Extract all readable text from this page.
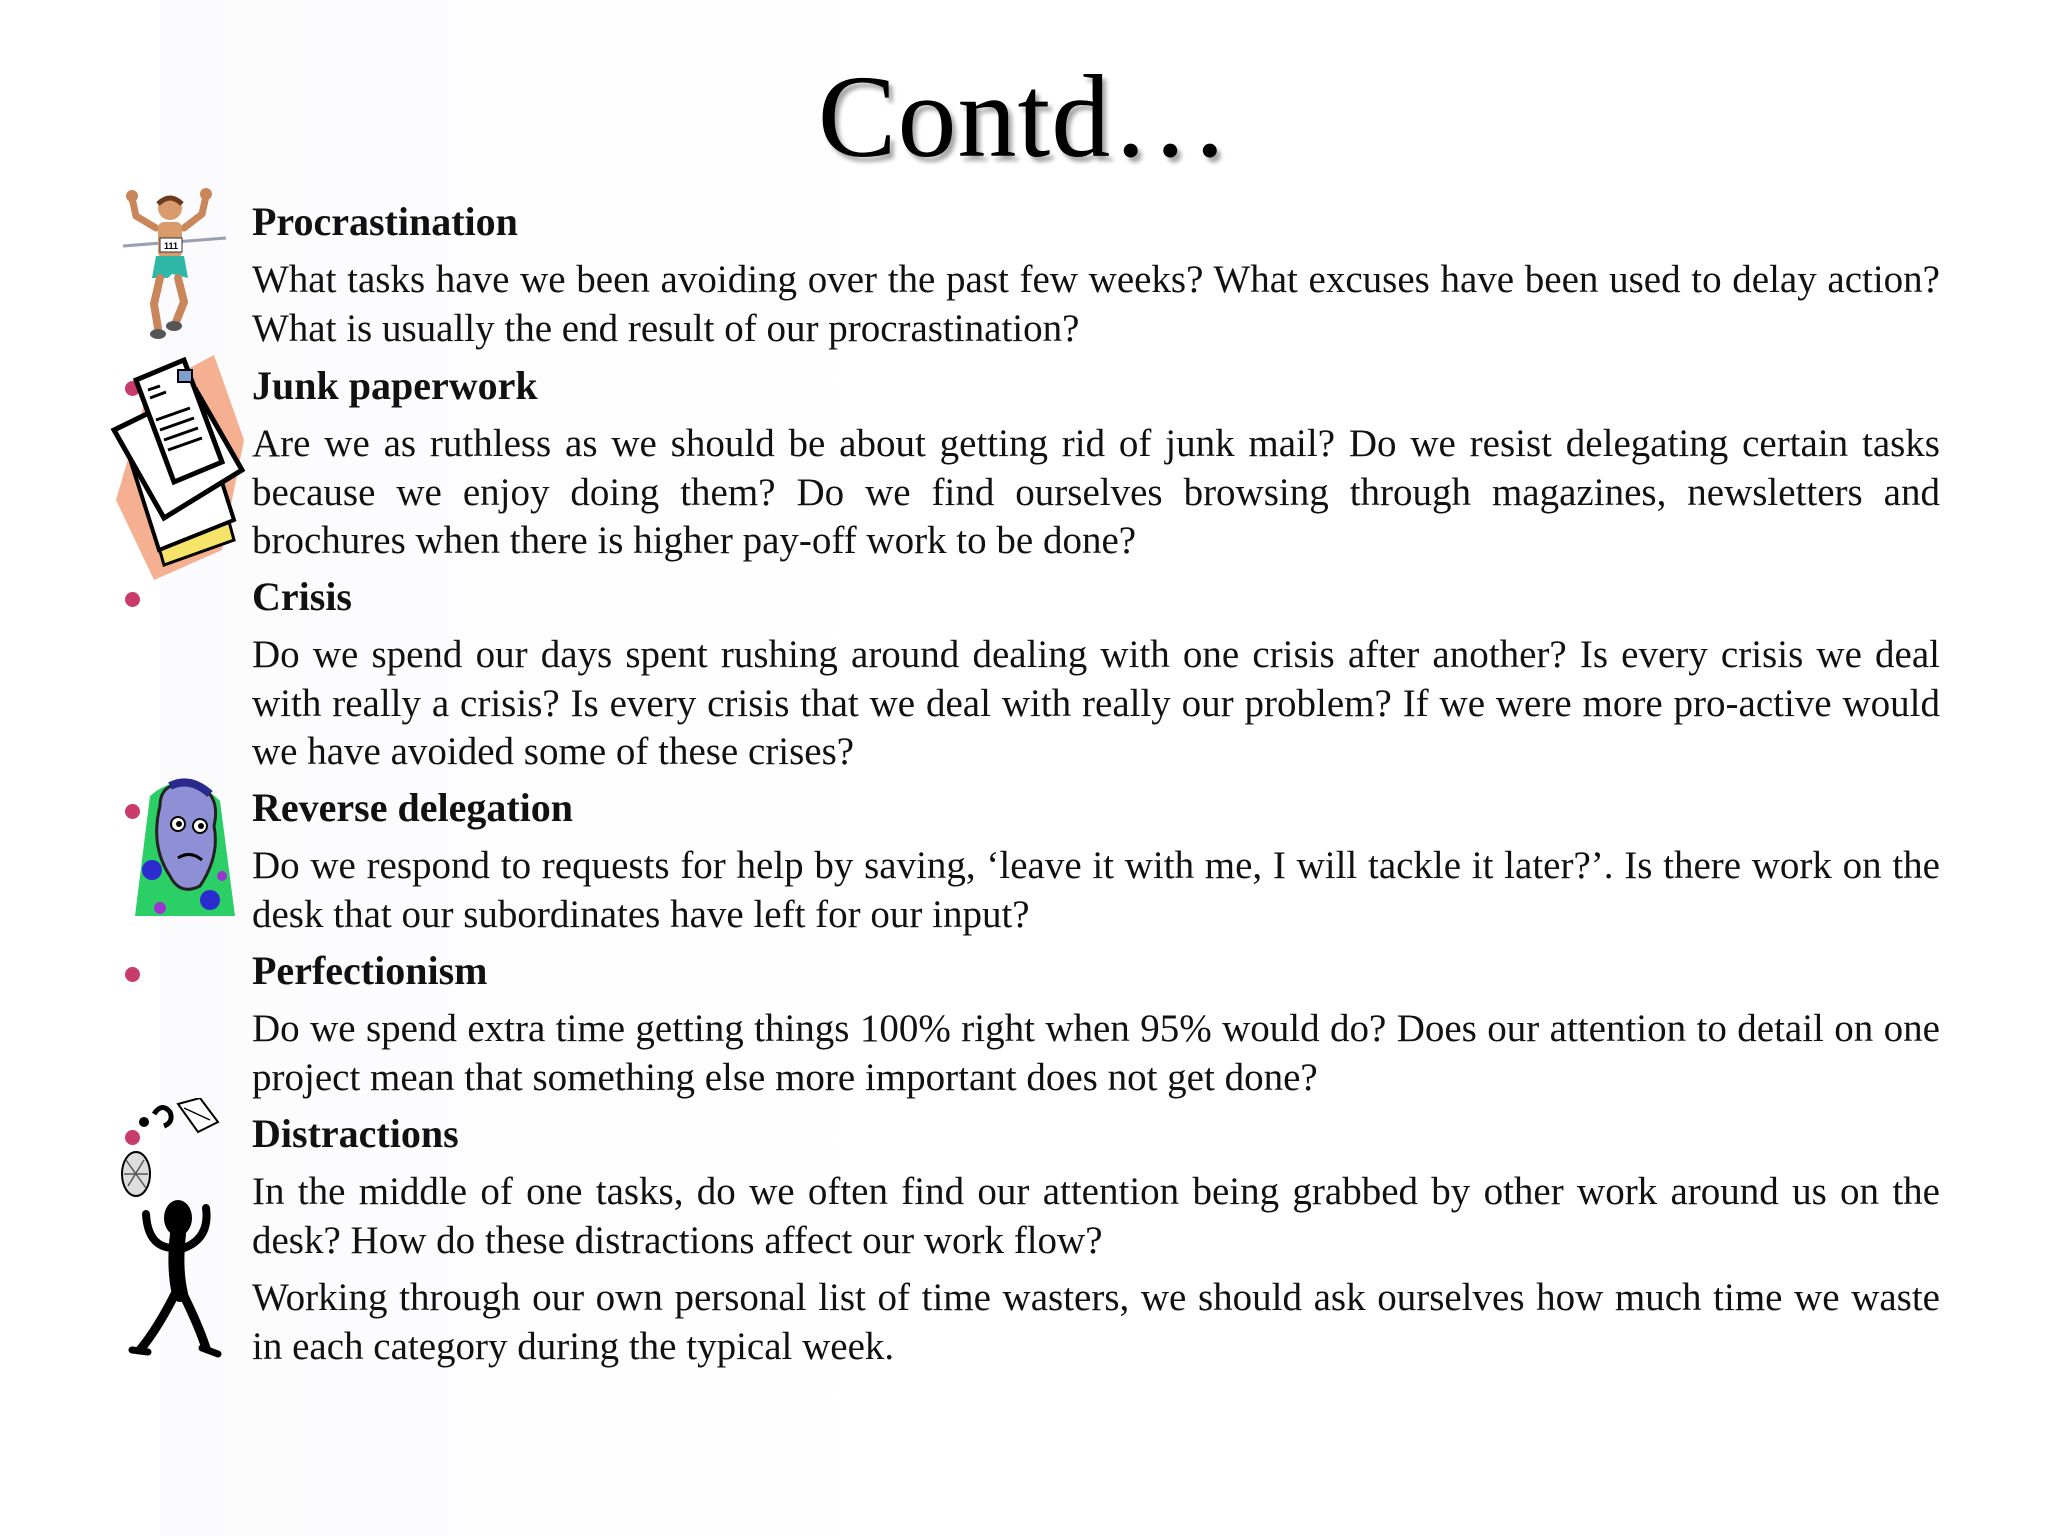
Contd…
111
Procrastination
What tasks have we been avoiding over the past few weeks? What excuses have been used to delay action? What is usually the end result of our procrastination?
Junk paperwork
Are we as ruthless as we should be about getting rid of junk mail? Do we resist delegating certain tasks because we enjoy doing them? Do we find ourselves browsing through magazines, newsletters and brochures when there is higher pay-off work to be done?
Crisis
Do we spend our days spent rushing around dealing with one crisis after another? Is every crisis we deal with really a crisis? Is every crisis that we deal with really our problem? If we were more pro-active would we have avoided some of these crises?
Reverse delegation
Do we respond to requests for help by saving, ‘leave it with me, I will tackle it later?’. Is there work on the desk that our subordinates have left for our input?
Perfectionism
Do we spend extra time getting things 100% right when 95% would do? Does our attention to detail on one project mean that something else more important does not get done?
Distractions
In the middle of one tasks, do we often find our attention being grabbed by other work around us on the desk? How do these distractions affect our work flow?
Working through our own personal list of time wasters, we should ask ourselves how much time we waste in each category during the typical week.
